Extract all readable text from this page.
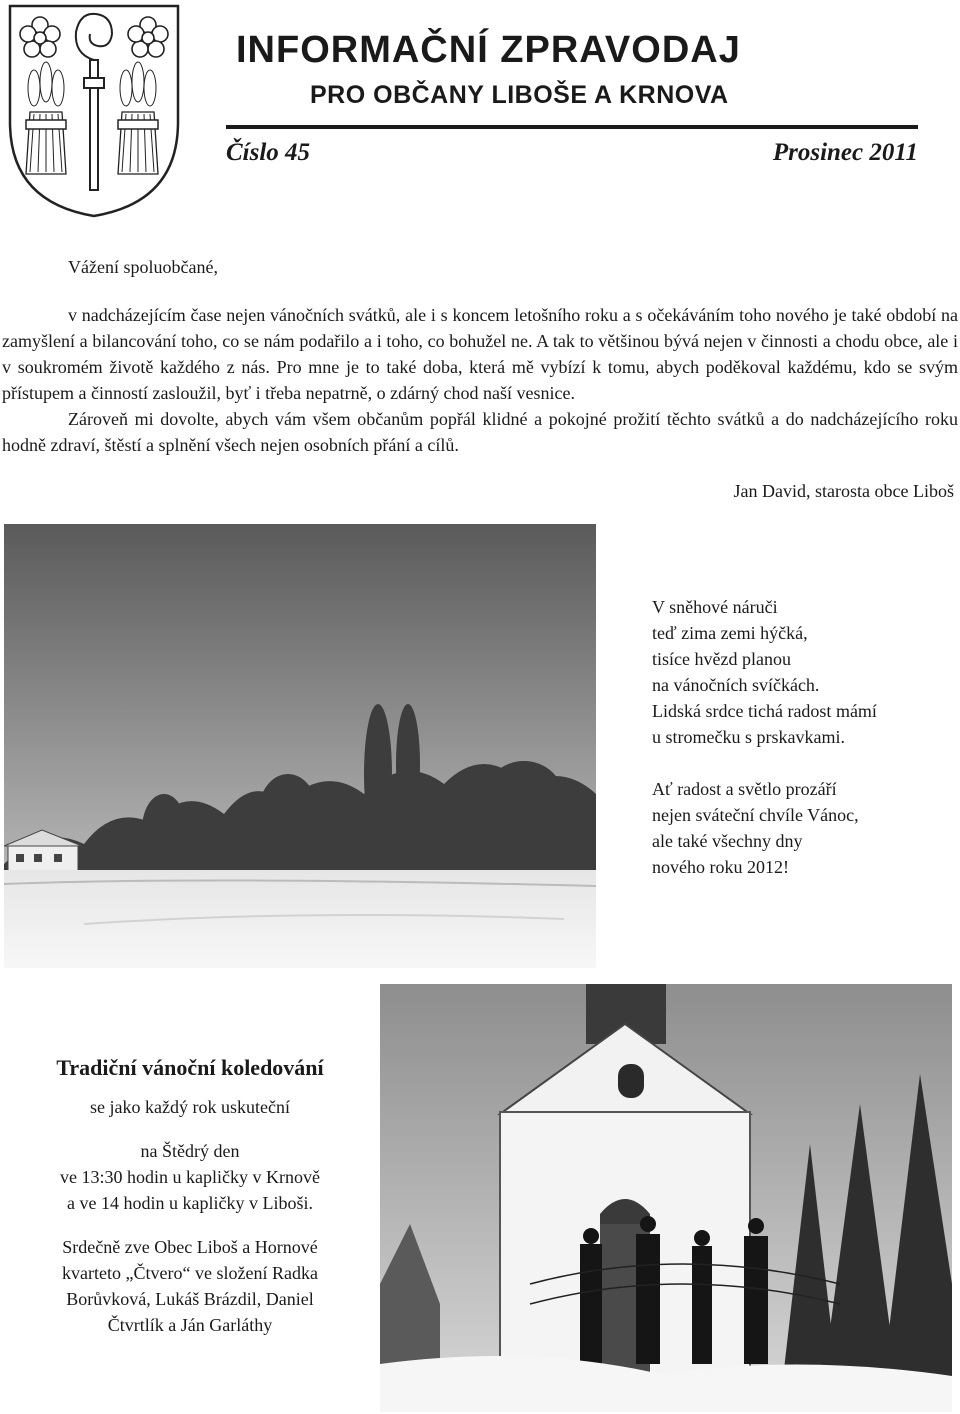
INFORMAČNÍ ZPRAVODAJ
PRO OBČANY LIBOŠE A KRNOVA
Číslo 45	Prosinec 2011
Vážení spoluobčané,

v nadcházejícím čase nejen vánočních svátků, ale i s koncem letošního roku a s očekáváním toho nového je také období na zamyšlení a bilancování toho, co se nám podařilo a i toho, co bohužel ne. A tak to většinou bývá nejen v činnosti a chodu obce, ale i v soukromém životě každého z nás. Pro mne je to také doba, která mě vybízí k tomu, abych poděkoval každému, kdo se svým přístupem a činností zasloužil, byť i třeba nepatrně, o zdárný chod naší vesnice.

Zároveň mi dovolte, abych vám všem občanům popřál klidné a pokojné prožití těchto svátků a do nadcházejícího roku hodně zdraví, štěstí a splnění všech nejen osobních přání a cílů.

Jan David, starosta obce Liboš
V sněhové náruči
teď zima zemi hýčká,
tisíce hvězd planou
na vánočních svíčkách.
Lidská srdce tichá radost mámí
u stromečku s prskavkami.
Ať radost a světlo prozáří
nejen sváteční chvíle Vánoc,
ale také všechny dny
nového roku 2012!
Tradiční vánoční koledování
se jako každý rok uskuteční
na Štědrý den
ve 13:30 hodin u kapličky v Krnově
a ve 14 hodin u kapličky v Liboši.
Srdečně zve Obec Liboš a Hornové
kvarteto „Čtvero“ ve složení Radka
Borůvková, Lukáš Brázdil, Daniel
Čtvrtlík a Ján Garláthy
